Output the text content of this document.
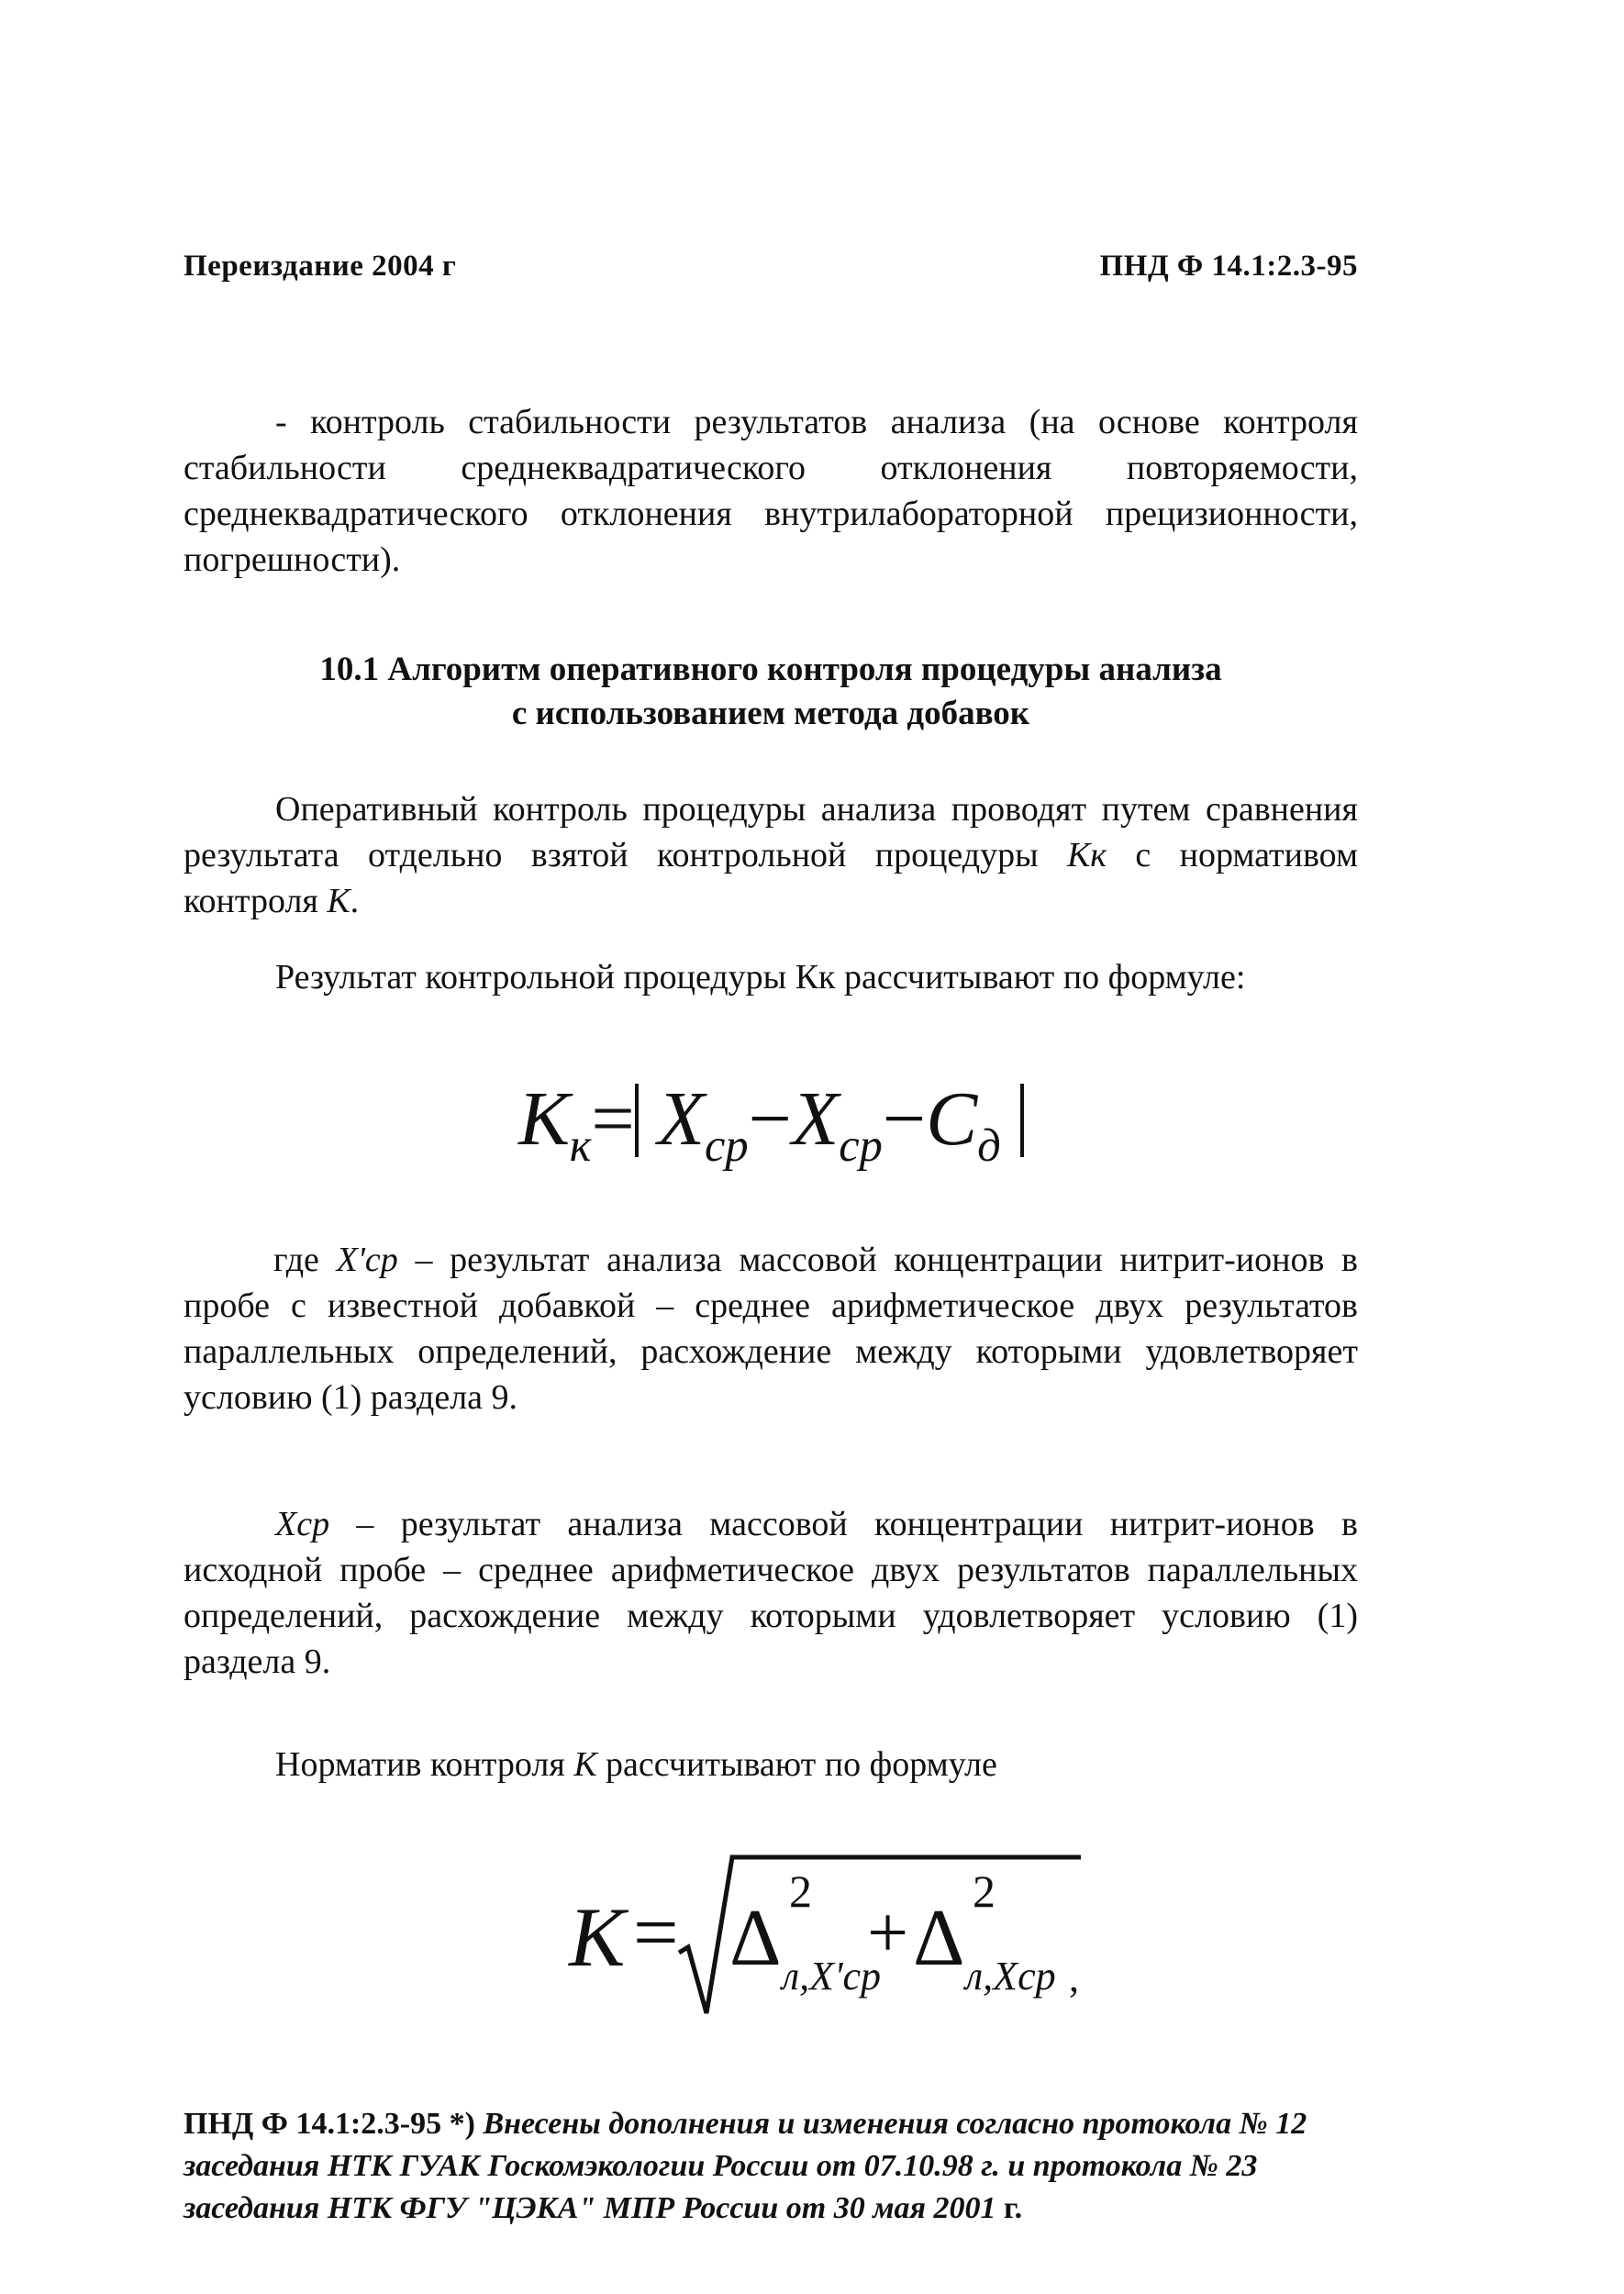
Переиздание 2004 г	ПНД Ф 14.1:2.3-95
- контроль стабильности результатов анализа (на основе контроля стабильности среднеквадратического отклонения повторяемости, среднеквадратического отклонения внутрилабораторной прецизионности, погрешности).
10.1 Алгоритм оперативного контроля процедуры анализа
с использованием метода добавок
Оперативный контроль процедуры анализа проводят путем сравнения результата отдельно взятой контрольной процедуры Кк с нормативом контроля К.
Результат контрольной процедуры Кк рассчитывают по формуле:
$К_к= X_{ср}-X_{ср}-C_д$
где X'ср – результат анализа массовой концентрации нитрит-ионов в пробе с известной добавкой – среднее арифметическое двух результатов параллельных определений, расхождение между которыми удовлетворяет условию (1) раздела 9.
Xср – результат анализа массовой концентрации нитрит-ионов в исходной пробе – среднее арифметическое двух результатов параллельных определений, расхождение между которыми удовлетворяет условию (1) раздела 9.
Норматив контроля К рассчитывают по формуле
К = Δ
2
л,X'ср
+ Δ
2
л,Xср ,
ПНД Ф 14.1:2.3-95 *) Внесены дополнения и изменения согласно протокола № 12 заседания НТК ГУАК Госкомэкологии России от 07.10.98 г. и протокола № 23 заседания НТК ФГУ "ЦЭКА" МПР России от 30 мая 2001 г.
